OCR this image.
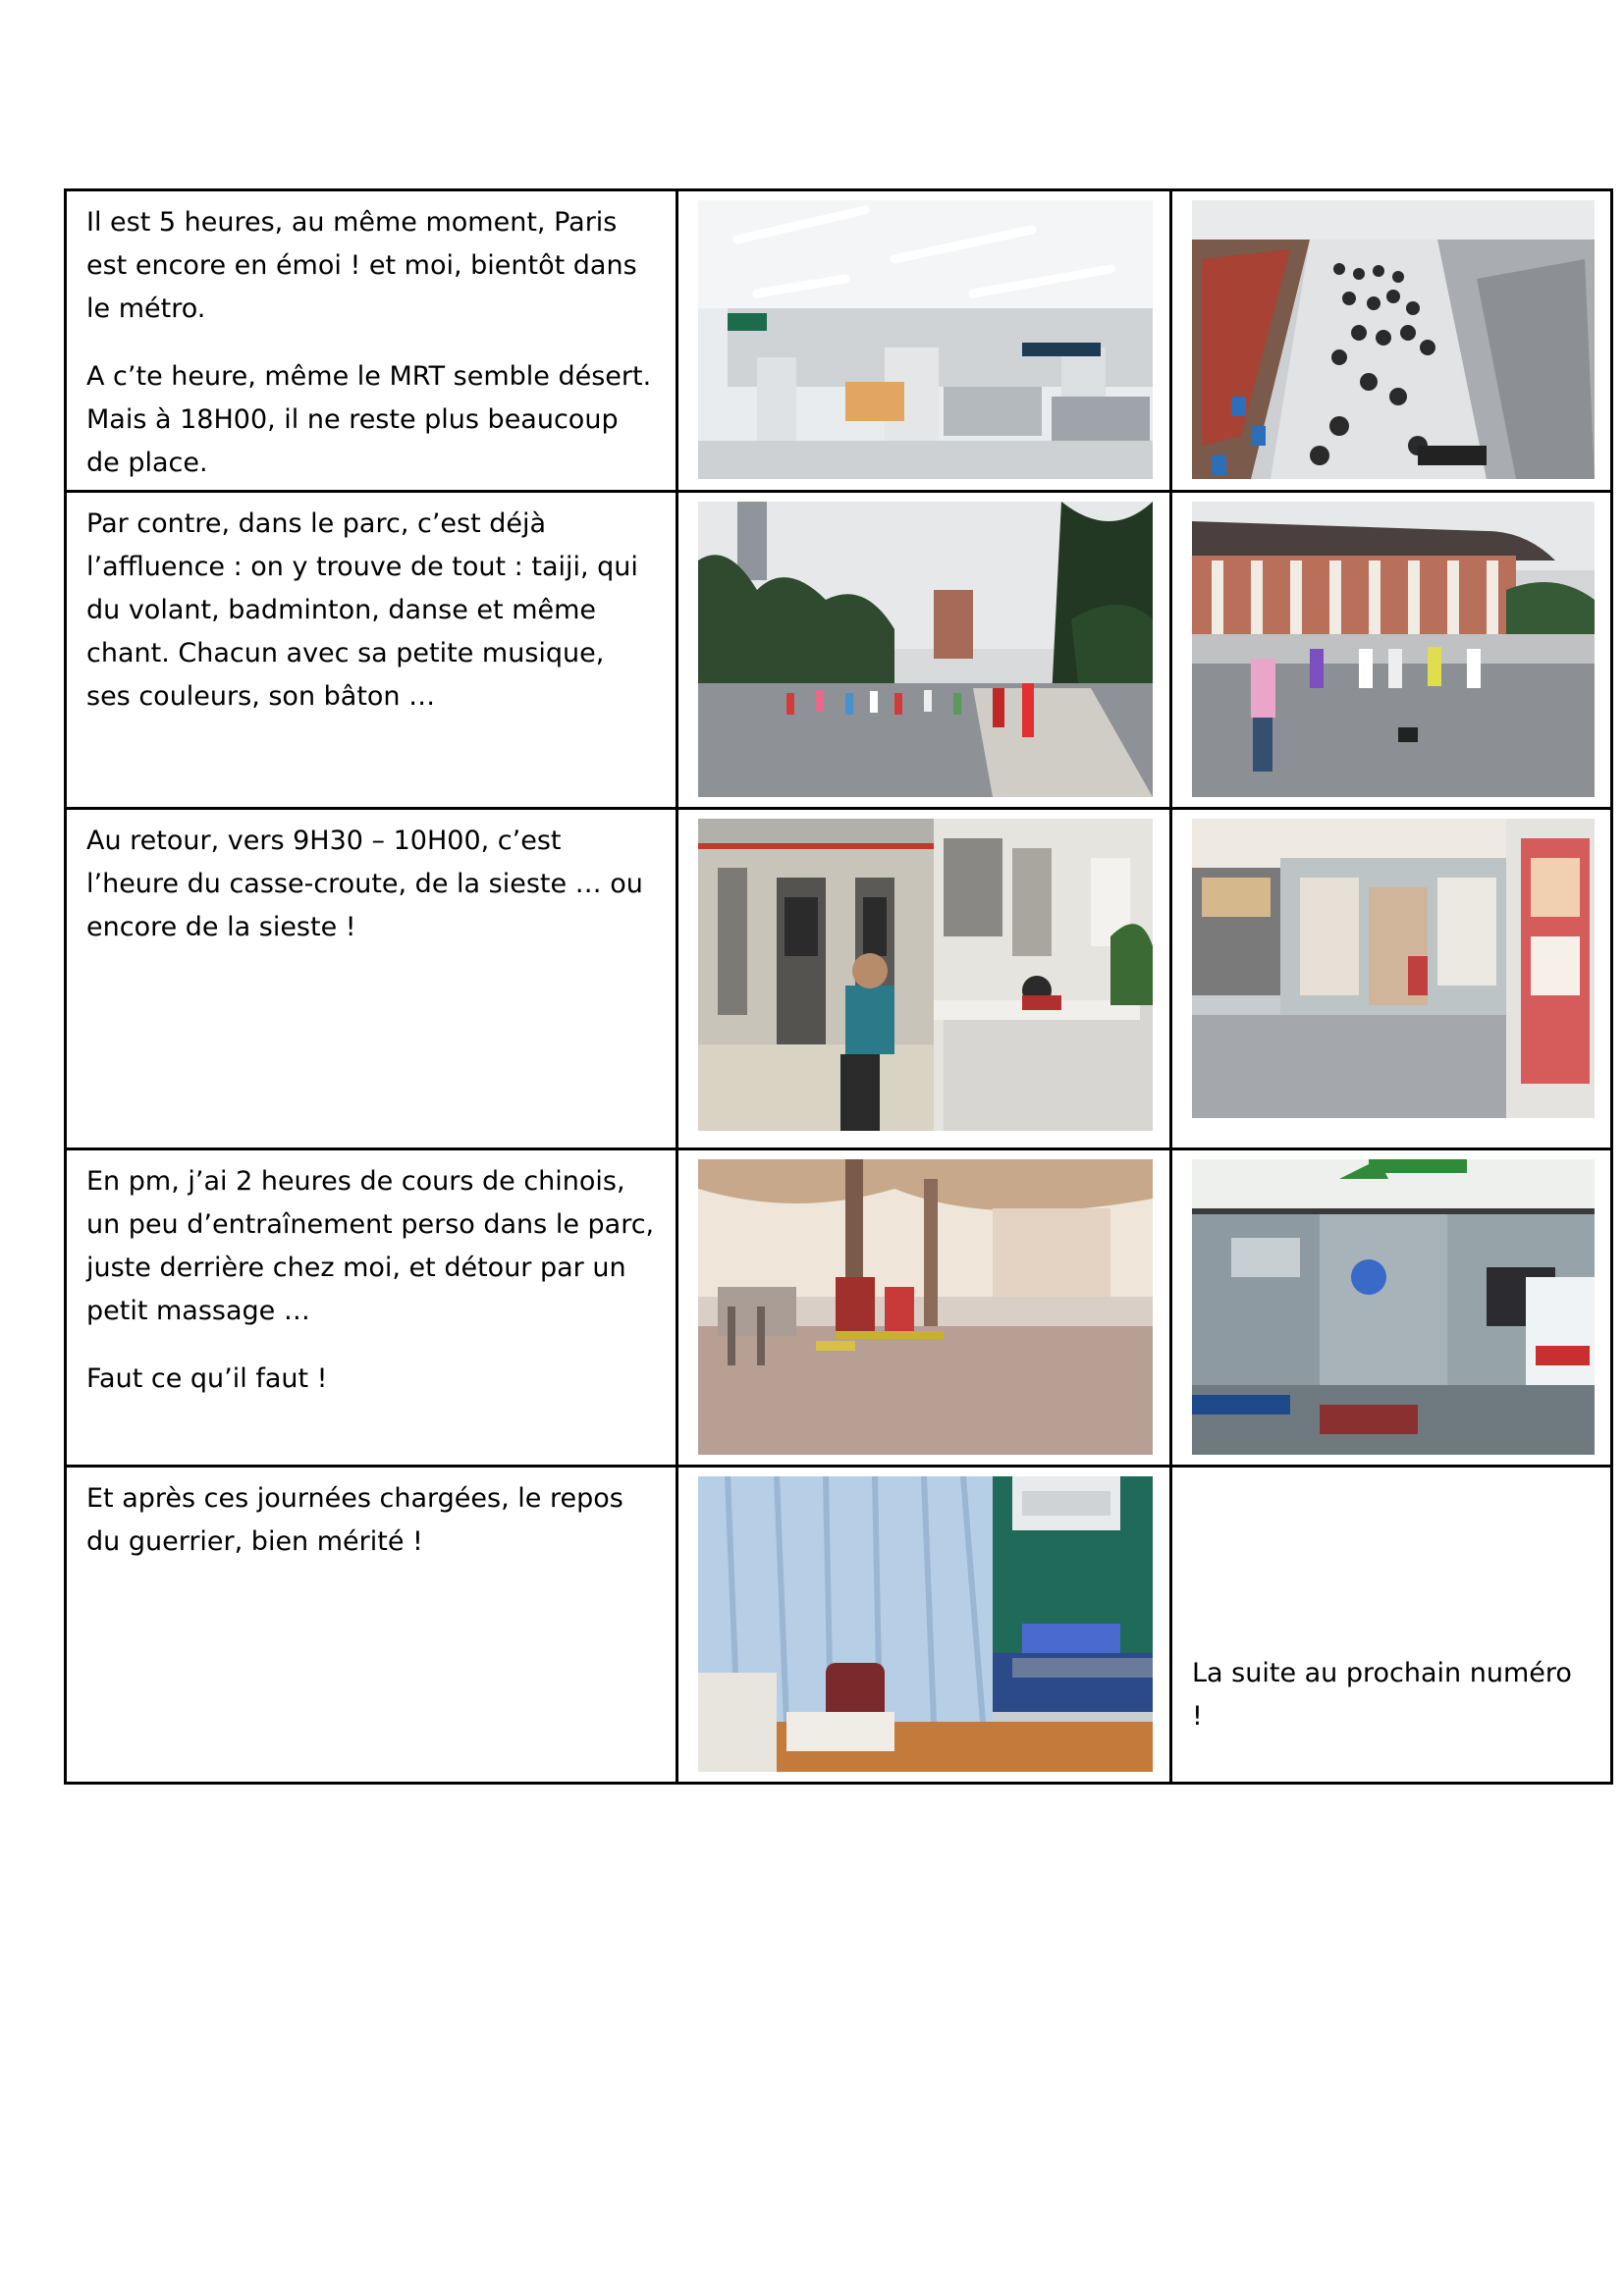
Il est 5 heures, au même moment, Paris est encore en émoi ! et moi, bientôt dans le métro.

A c’te heure, même le MRT semble désert. Mais à 18H00, il ne reste plus beaucoup de place.

Par contre, dans le parc, c’est déjà l’affluence : on y trouve de tout : taiji, qui du volant, badminton, danse et même chant. Chacun avec sa petite musique, ses couleurs, son bâton …

Au retour, vers 9H30 – 10H00, c’est l’heure du casse-croute, de la sieste … ou encore de la sieste !

En pm, j’ai 2 heures de cours de chinois, un peu d’entraînement perso dans le parc, juste derrière chez moi, et détour par un petit massage …

Faut ce qu’il faut !

Et après ces journées chargées, le repos du guerrier, bien mérité !		La suite au prochain numéro !
